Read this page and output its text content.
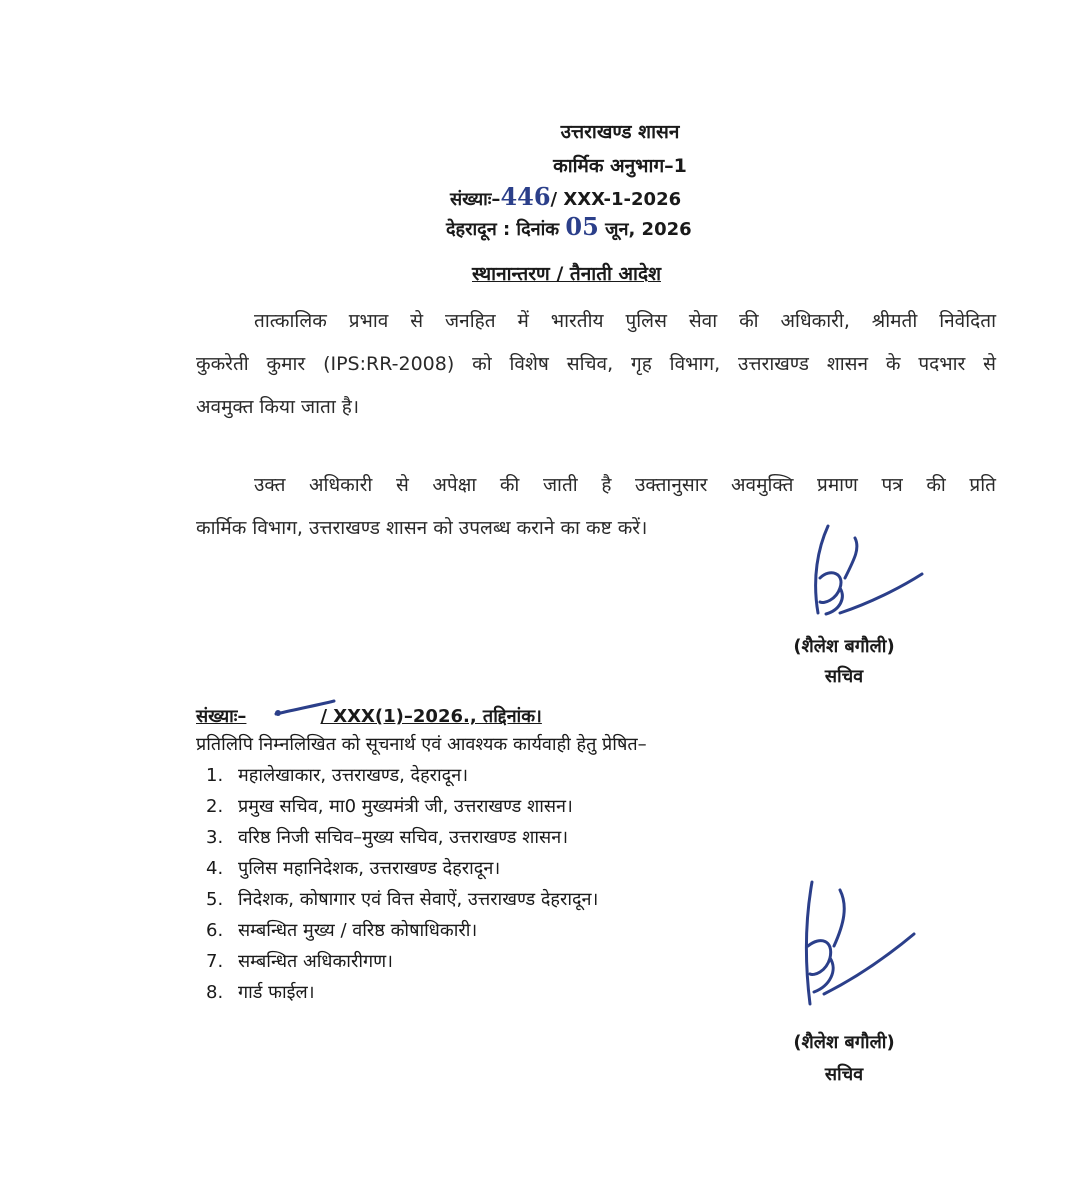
उत्तराखण्ड शासन
कार्मिक अनुभाग–1
संख्याः–446/ XXX-1-2026
देहरादून : दिनांक 05 जून, 2026
स्थानान्तरण / तैनाती आदेश
तात्कालिक प्रभाव से जनहित में भारतीय पुलिस सेवा की अधिकारी, श्रीमती निवेदिता
कुकरेती कुमार (IPS:RR-2008) को विशेष सचिव, गृह विभाग, उत्तराखण्ड शासन के पदभार से
अवमुक्त किया जाता है।
उक्त अधिकारी से अपेक्षा की जाती है उक्तानुसार अवमुक्ति प्रमाण पत्र की प्रति
कार्मिक विभाग, उत्तराखण्ड शासन को उपलब्ध कराने का कष्ट करें।
(शैलेश बगौली)
सचिव
संख्याः–	/ XXX(1)–2026., तद्दिनांक।
प्रतिलिपि निम्नलिखित को सूचनार्थ एवं आवश्यक कार्यवाही हेतु प्रेषित–
1. महालेखाकार, उत्तराखण्ड, देहरादून।
2. प्रमुख सचिव, मा0 मुख्यमंत्री जी, उत्तराखण्ड शासन।
3. वरिष्ठ निजी सचिव–मुख्य सचिव, उत्तराखण्ड शासन।
4. पुलिस महानिदेशक, उत्तराखण्ड देहरादून।
5. निदेशक, कोषागार एवं वित्त सेवाऐं, उत्तराखण्ड देहरादून।
6. सम्बन्धित मुख्य / वरिष्ठ कोषाधिकारी।
7. सम्बन्धित अधिकारीगण।
8. गार्ड फाईल।
(शैलेश बगौली)
सचिव
